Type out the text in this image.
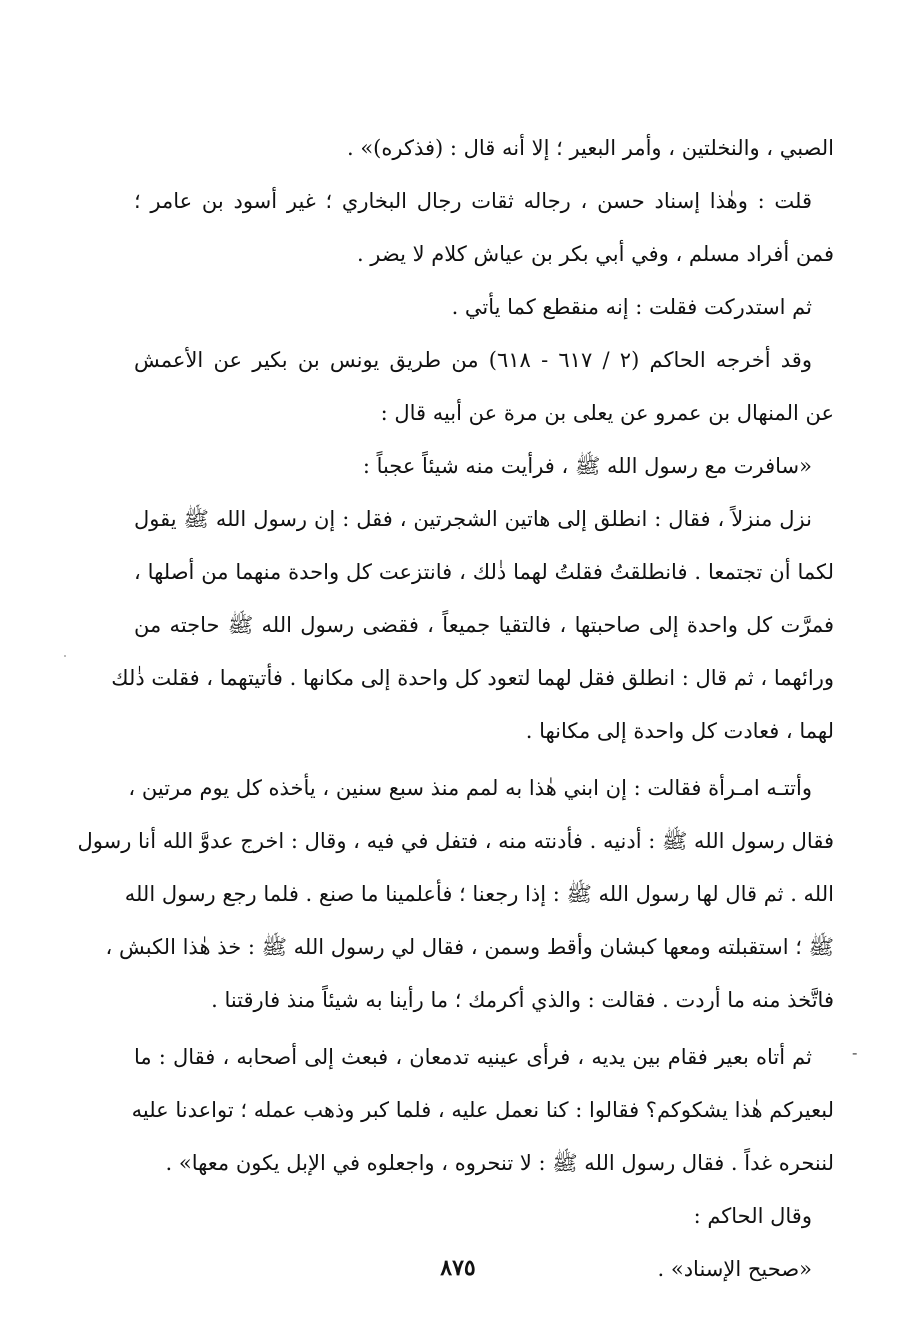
الصبي ، والنخلتين ، وأمر البعير ؛ إلا أنه قال : (فذكره)» .
قلت : وهٰذا إسناد حسن ، رجاله ثقات رجال البخاري ؛ غير أسود بن عامر ؛
فمن أفراد مسلم ، وفي أبي بكر بن عياش كلام لا يضر .
ثم استدركت فقلت : إنه منقطع كما يأتي .
وقد أخرجه الحاكم (٢ / ٦١٧ - ٦١٨) من طريق يونس بن بكير عن الأعمش
عن المنهال بن عمرو عن يعلى بن مرة عن أبيه قال :
«سافرت مع رسول الله ﷺ ، فرأيت منه شيئاً عجباً :
نزل منزلاً ، فقال : انطلق إلى هاتين الشجرتين ، فقل : إن رسول الله ﷺ يقول
لكما أن تجتمعا . فانطلقتُ فقلتُ لهما ذٰلك ، فانتزعت كل واحدة منهما من أصلها ،
فمرَّت كل واحدة إلى صاحبتها ، فالتقيا جميعاً ، فقضى رسول الله ﷺ حاجته من
ورائهما ، ثم قال : انطلق فقل لهما لتعود كل واحدة إلى مكانها . فأتيتهما ، فقلت ذٰلك
لهما ، فعادت كل واحدة إلى مكانها .
وأتتـه امـرأة فقالت : إن ابني هٰذا به لمم منذ سبع سنين ، يأخذه كل يوم مرتين ،
فقال رسول الله ﷺ : أدنيه . فأدنته منه ، فتفل في فيه ، وقال : اخرج عدوَّ الله أنا رسول
الله . ثم قال لها رسول الله ﷺ : إذا رجعنا ؛ فأعلمينا ما صنع . فلما رجع رسول الله
ﷺ ؛ استقبلته ومعها كبشان وأقط وسمن ، فقال لي رسول الله ﷺ : خذ هٰذا الكبش ،
فاتَّخذ منه ما أردت . فقالت : والذي أكرمك ؛ ما رأينا به شيئاً منذ فارقتنا .
ثم أتاه بعير فقام بين يديه ، فرأى عينيه تدمعان ، فبعث إلى أصحابه ، فقال : ما
لبعيركم هٰذا يشكوكم؟ فقالوا : كنا نعمل عليه ، فلما كبر وذهب عمله ؛ تواعدنا عليه
لننحره غداً . فقال رسول الله ﷺ : لا تنحروه ، واجعلوه في الإبل يكون معها» .
وقال الحاكم :
«صحيح الإسناد» .
-
٨٧٥
